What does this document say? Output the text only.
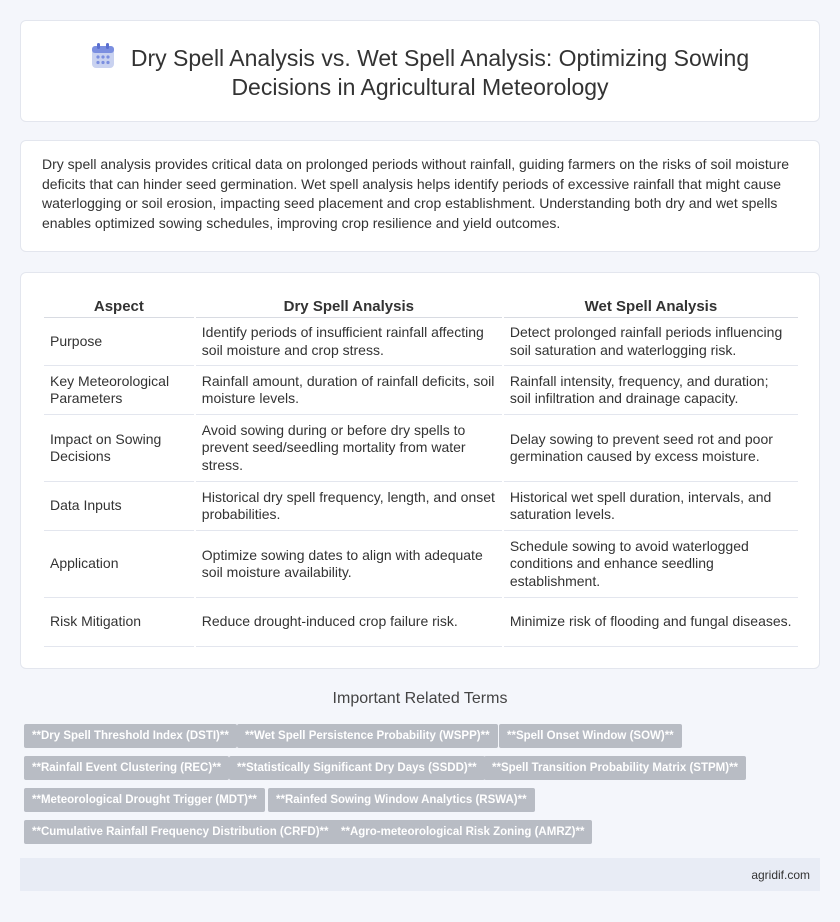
Dry Spell Analysis vs. Wet Spell Analysis: Optimizing Sowing Decisions in Agricultural Meteorology

Dry spell analysis provides critical data on prolonged periods without rainfall, guiding farmers on the risks of soil moisture deficits that can hinder seed germination. Wet spell analysis helps identify periods of excessive rainfall that might cause waterlogging or soil erosion, impacting seed placement and crop establishment. Understanding both dry and wet spells enables optimized sowing schedules, improving crop resilience and yield outcomes.

Aspect	Dry Spell Analysis	Wet Spell Analysis
Purpose	Identify periods of insufficient rainfall affecting soil moisture and crop stress.	Detect prolonged rainfall periods influencing soil saturation and waterlogging risk.
Key Meteorological Parameters	Rainfall amount, duration of rainfall deficits, soil moisture levels.	Rainfall intensity, frequency, and duration; soil infiltration and drainage capacity.
Impact on Sowing Decisions	Avoid sowing during or before dry spells to prevent seed/seedling mortality from water stress.	Delay sowing to prevent seed rot and poor germination caused by excess moisture.
Data Inputs	Historical dry spell frequency, length, and onset probabilities.	Historical wet spell duration, intervals, and saturation levels.
Application	Optimize sowing dates to align with adequate soil moisture availability.	Schedule sowing to avoid waterlogged conditions and enhance seedling establishment.
Risk Mitigation	Reduce drought-induced crop failure risk.	Minimize risk of flooding and fungal diseases.
Important Related Terms
**Dry Spell Threshold Index (DSTI)**	**Wet Spell Persistence Probability (WSPP)**	**Spell Onset Window (SOW)**
**Rainfall Event Clustering (REC)**	**Statistically Significant Dry Days (SSDD)**	**Spell Transition Probability Matrix (STPM)**
**Meteorological Drought Trigger (MDT)**	**Rainfed Sowing Window Analytics (RSWA)**
**Cumulative Rainfall Frequency Distribution (CRFD)**	**Agro-meteorological Risk Zoning (AMRZ)**
agridif.com
